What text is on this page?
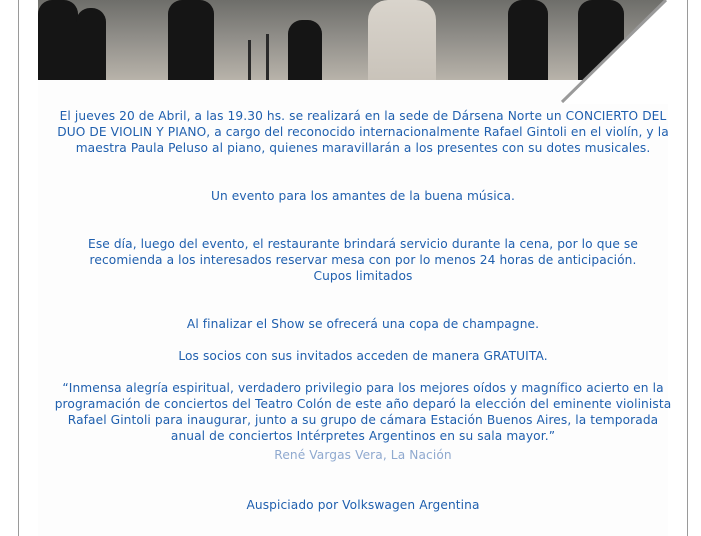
El jueves 20 de Abril, a las 19.30 hs. se realizará en la sede de Dársena Norte un CONCIERTO DEL DUO DE VIOLIN Y PIANO, a cargo del reconocido internacionalmente Rafael Gintoli en el violín, y la maestra Paula Peluso al piano, quienes maravillarán a los presentes con su dotes musicales.

Un evento para los amantes de la buena música.

Ese día, luego del evento, el restaurante brindará servicio durante la cena, por lo que se recomienda a los interesados reservar mesa con por lo menos 24 horas de anticipación.

Cupos limitados

Al finalizar el Show se ofrecerá una copa de champagne.

Los socios con sus invitados acceden de manera GRATUITA.

“Inmensa alegría espiritual, verdadero privilegio para los mejores oídos y magnífico acierto en la programación de conciertos del Teatro Colón de este año deparó la elección del eminente violinista Rafael Gintoli para inaugurar, junto a su grupo de cámara Estación Buenos Aires, la temporada anual de conciertos Intérpretes Argentinos en su sala mayor.”

René Vargas Vera, La Nación

Auspiciado por Volkswagen Argentina
